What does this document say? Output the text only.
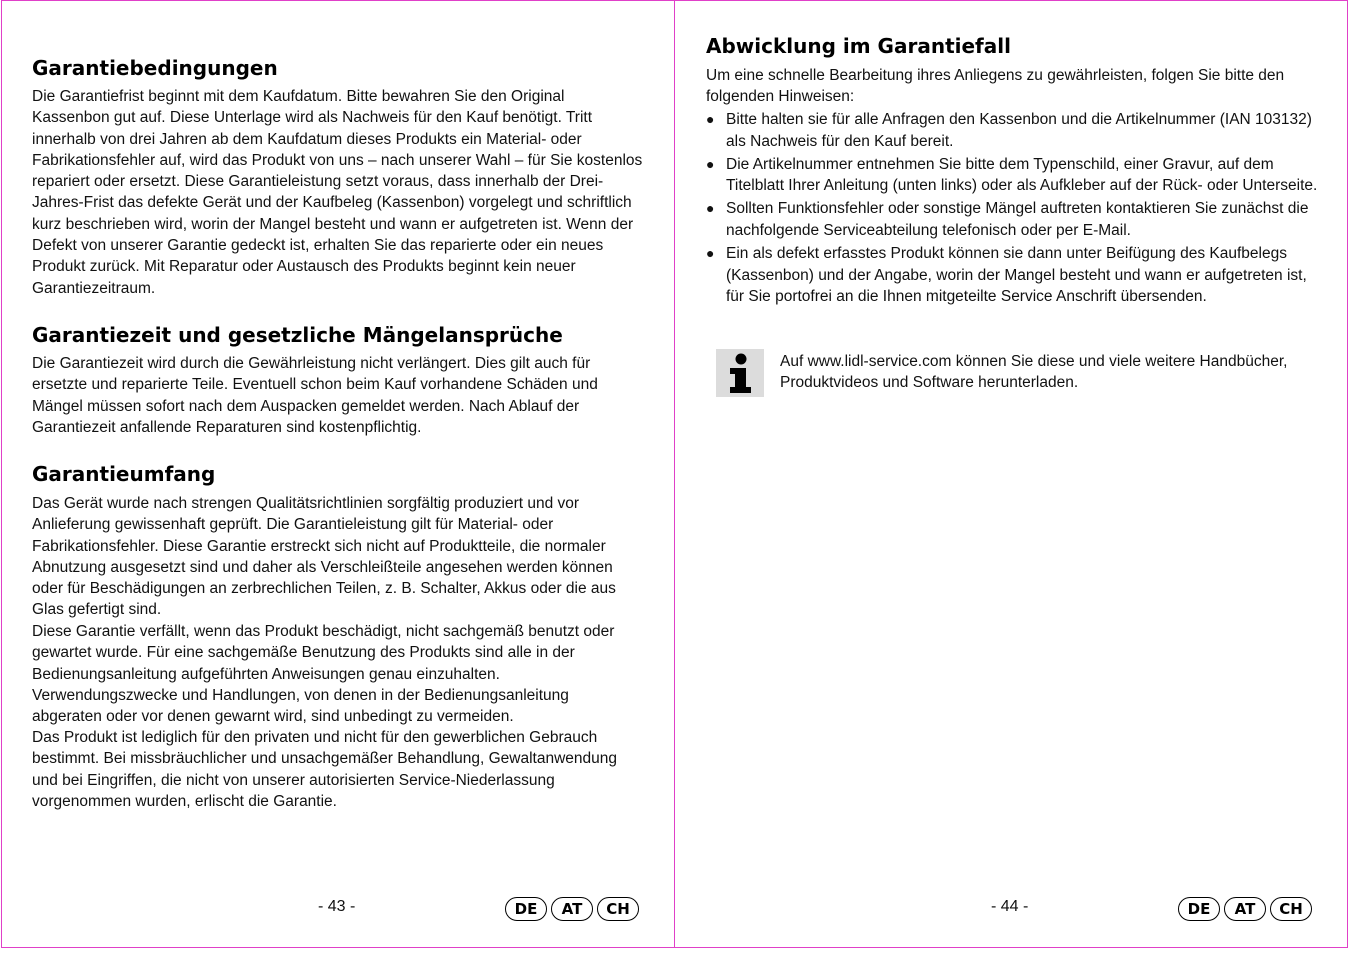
Garantiebedingungen

Die Garantiefrist beginnt mit dem Kaufdatum. Bitte bewahren Sie den Original Kassenbon gut auf. Diese Unterlage wird als Nachweis für den Kauf benötigt. Tritt innerhalb von drei Jahren ab dem Kaufdatum dieses Produkts ein Material- oder Fabrikationsfehler auf, wird das Produkt von uns – nach unserer Wahl – für Sie kostenlos repariert oder ersetzt. Diese Garantieleistung setzt voraus, dass innerhalb der Drei-Jahres-Frist das defekte Gerät und der Kaufbeleg (Kassenbon) vorgelegt und schriftlich kurz beschrieben wird, worin der Mangel besteht und wann er aufgetreten ist. Wenn der Defekt von unserer Garantie gedeckt ist, erhalten Sie das reparierte oder ein neues Produkt zurück. Mit Reparatur oder Austausch des Produkts beginnt kein neuer Garantiezeitraum.

Garantiezeit und gesetzliche Mängelansprüche

Die Garantiezeit wird durch die Gewährleistung nicht verlängert. Dies gilt auch für ersetzte und reparierte Teile. Eventuell schon beim Kauf vorhandene Schäden und Mängel müssen sofort nach dem Auspacken gemeldet werden. Nach Ablauf der Garantiezeit anfallende Reparaturen sind kostenpflichtig.

Garantieumfang

Das Gerät wurde nach strengen Qualitätsrichtlinien sorgfältig produziert und vor Anlieferung gewissenhaft geprüft. Die Garantieleistung gilt für Material- oder Fabrikationsfehler. Diese Garantie erstreckt sich nicht auf Produktteile, die normaler Abnutzung ausgesetzt sind und daher als Verschleißteile angesehen werden können oder für Beschädigungen an zerbrechlichen Teilen, z. B. Schalter, Akkus oder die aus Glas gefertigt sind.

Diese Garantie verfällt, wenn das Produkt beschädigt, nicht sachgemäß benutzt oder gewartet wurde. Für eine sachgemäße Benutzung des Produkts sind alle in der Bedienungsanleitung aufgeführten Anweisungen genau einzuhalten.

Verwendungszwecke und Handlungen, von denen in der Bedienungsanleitung abgeraten oder vor denen gewarnt wird, sind unbedingt zu vermeiden.

Das Produkt ist lediglich für den privaten und nicht für den gewerblichen Gebrauch bestimmt. Bei missbräuchlicher und unsachgemäßer Behandlung, Gewaltanwendung und bei Eingriffen, die nicht von unserer autorisierten Service-Niederlassung vorgenommen wurden, erlischt die Garantie.

- 43 -	DE	AT	CH
Abwicklung im Garantiefall

Um eine schnelle Bearbeitung ihres Anliegens zu gewährleisten, folgen Sie bitte den folgenden Hinweisen:

● Bitte halten sie für alle Anfragen den Kassenbon und die Artikelnummer (IAN 103132) als Nachweis für den Kauf bereit.
● Die Artikelnummer entnehmen Sie bitte dem Typenschild, einer Gravur, auf dem Titelblatt Ihrer Anleitung (unten links) oder als Aufkleber auf der Rück- oder Unterseite.
● Sollten Funktionsfehler oder sonstige Mängel auftreten kontaktieren Sie zunächst die nachfolgende Serviceabteilung telefonisch oder per E-Mail.
● Ein als defekt erfasstes Produkt können sie dann unter Beifügung des Kaufbelegs (Kassenbon) und der Angabe, worin der Mangel besteht und wann er aufgetreten ist, für Sie portofrei an die Ihnen mitgeteilte Service Anschrift übersenden.

Auf www.lidl-service.com können Sie diese und viele weitere Handbücher, Produktvideos und Software herunterladen.

- 44 -	DE	AT	CH
